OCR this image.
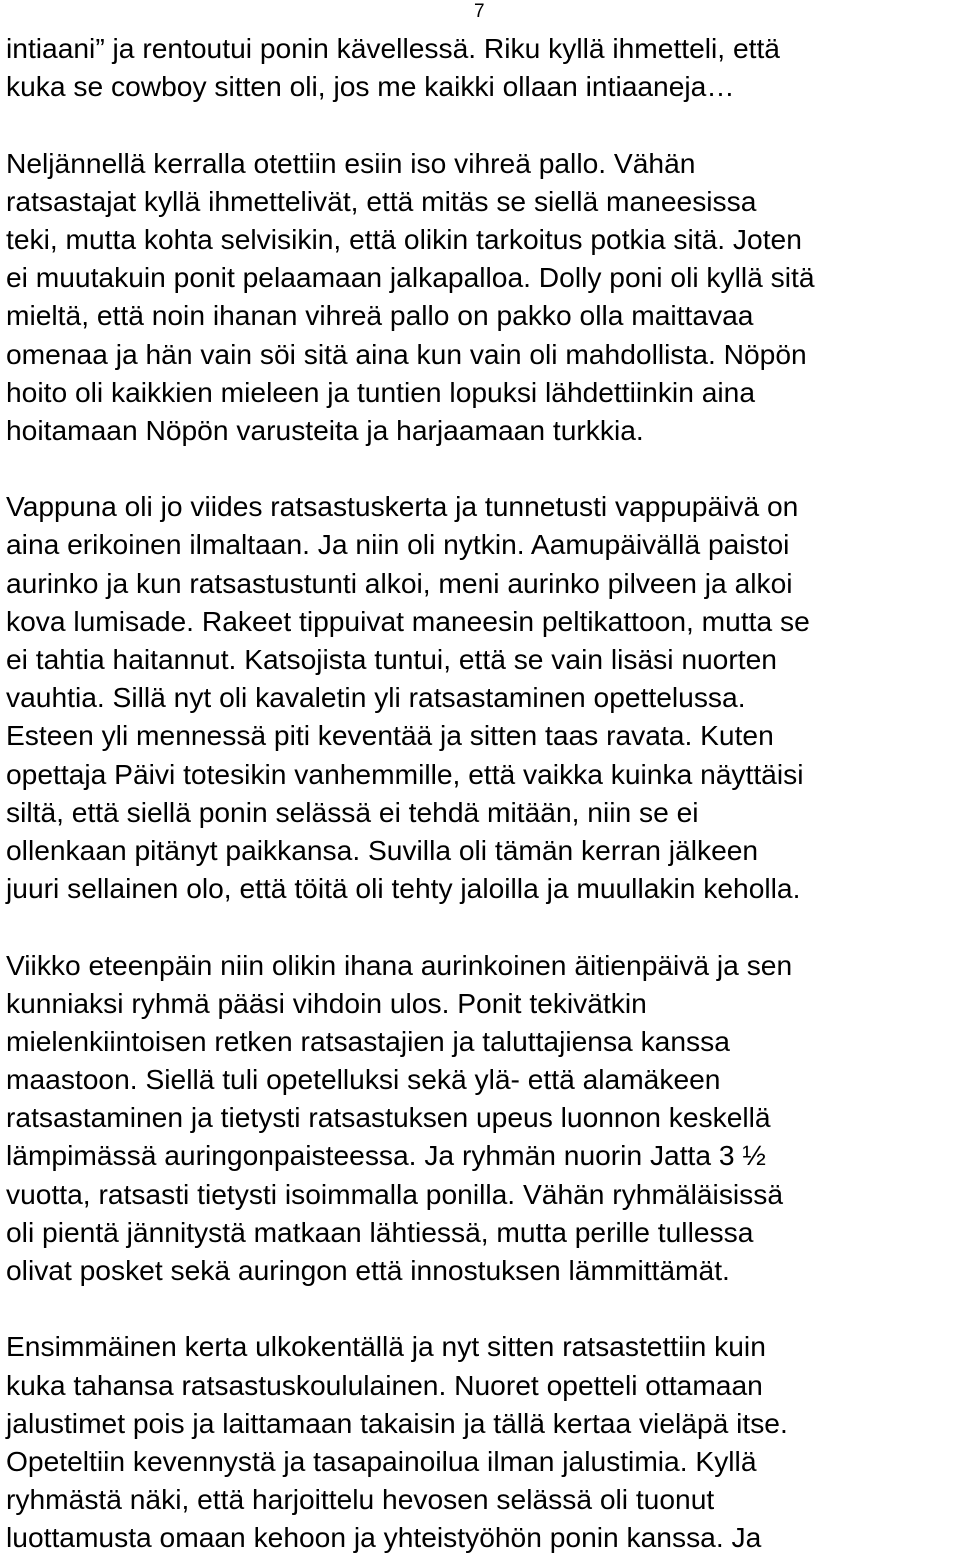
7
intiaani” ja rentoutui ponin kävellessä. Riku kyllä ihmetteli, että
kuka se cowboy sitten oli, jos me kaikki ollaan intiaaneja…
Neljännellä kerralla otettiin esiin iso vihreä pallo. Vähän
ratsastajat kyllä ihmettelivät, että mitäs se siellä maneesissa
teki, mutta kohta selvisikin, että olikin tarkoitus potkia sitä. Joten
ei muutakuin ponit pelaamaan jalkapalloa. Dolly poni oli kyllä sitä
mieltä, että noin ihanan vihreä pallo on pakko olla maittavaa
omenaa ja hän vain söi sitä aina kun vain oli mahdollista. Nöpön
hoito oli kaikkien mieleen ja tuntien lopuksi lähdettiinkin aina
hoitamaan Nöpön varusteita ja harjaamaan turkkia.
Vappuna oli jo viides ratsastuskerta ja tunnetusti vappupäivä on
aina erikoinen ilmaltaan. Ja niin oli nytkin. Aamupäivällä paistoi
aurinko ja kun ratsastustunti alkoi, meni aurinko pilveen ja alkoi
kova lumisade. Rakeet tippuivat maneesin peltikattoon, mutta se
ei tahtia haitannut. Katsojista tuntui, että se vain lisäsi nuorten
vauhtia. Sillä nyt oli kavaletin yli ratsastaminen opettelussa.
Esteen yli mennessä piti keventää ja sitten taas ravata. Kuten
opettaja Päivi totesikin vanhemmille, että vaikka kuinka näyttäisi
siltä, että siellä ponin selässä ei tehdä mitään, niin se ei
ollenkaan pitänyt paikkansa. Suvilla oli tämän kerran jälkeen
juuri sellainen olo, että töitä oli tehty jaloilla ja muullakin keholla.
Viikko eteenpäin niin olikin ihana aurinkoinen äitienpäivä ja sen
kunniaksi ryhmä pääsi vihdoin ulos. Ponit tekivätkin
mielenkiintoisen retken ratsastajien ja taluttajiensa kanssa
maastoon. Siellä tuli opetelluksi sekä ylä- että alamäkeen
ratsastaminen ja tietysti ratsastuksen upeus luonnon keskellä
lämpimässä auringonpaisteessa. Ja ryhmän nuorin Jatta 3 ½
vuotta, ratsasti tietysti isoimmalla ponilla. Vähän ryhmäläisissä
oli pientä jännitystä matkaan lähtiessä, mutta perille tullessa
olivat posket sekä auringon että innostuksen lämmittämät.
Ensimmäinen kerta ulkokentällä ja nyt sitten ratsastettiin kuin
kuka tahansa ratsastuskoululainen. Nuoret opetteli ottamaan
jalustimet pois ja laittamaan takaisin ja tällä kertaa vieläpä itse.
Opeteltiin kevennystä ja tasapainoilua ilman jalustimia. Kyllä
ryhmästä näki, että harjoittelu hevosen selässä oli tuonut
luottamusta omaan kehoon ja yhteistyöhön ponin kanssa. Ja
